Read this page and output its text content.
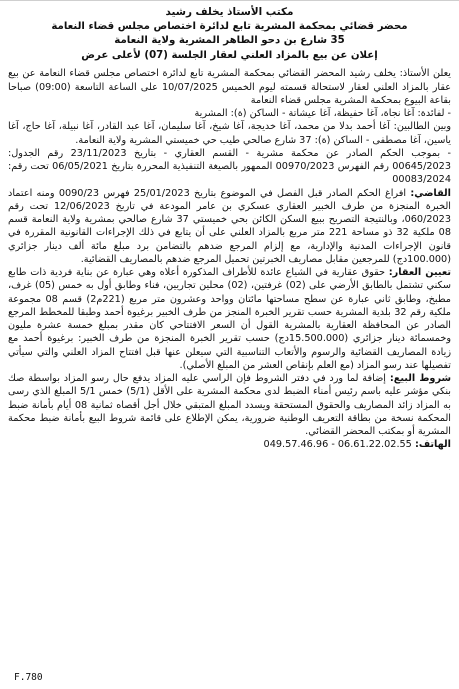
مكتب الأستاذ يخلف رشيد
محضر قضائي بمحكمة المشرية تابع لدائرة اختصاص مجلس قضاء النعامة
35 شارع بن دحو الطاهر المشرية ولاية النعامة
إعلان عن بيع بالمزاد العلني لعقار الجلسة (07) لأعلى عرض

يعلن الأستاذ: يخلف رشيد المحضر القضائي بمحكمة المشرية تابع لدائرة اختصاص مجلس قضاء النعامة عن بيع عقار بالمزاد العلني لعقار لاستحالة قسمته ليوم الخميس 10/07/2025 على الساعة التاسعة (09:00) صباحا بقاعة البيوع بمحكمة المشرية مجلس قضاء النعامة

- لفائدة: آغا نجاة، آغا حفيظة، آغا عيشاتة - الساكن (ة): المشرية

وبين الطالبين: آغا أحمد بدلا من محمد، آغا خديجة، آغا شيخ، آغا سليمان، آغا عبد القادر، آغا نبيلة، آغا حاج، آغا ياسين، آغا مصطفى - الساكن (ة): 37 شارع صالحي طيب حي خميستي المشرية ولاية النعامة.

- بموجب الحكم الصادر عن محكمة مشرية - القسم العقاري - بتاريخ 23/11/2023 رقم الجدول: 00645/2023 رقم الفهرس 00970/2023 الممهور بالصيغة التنفيذية المحررة بتاريخ 06/05/2021 تحت رقم: 00083/2024

القاضي: افراغ الحكم الصادر قبل الفصل في الموضوع بتاريخ 25/01/2023 فهرس 0090/23 ومنه اعتماد الخبرة المنجزة من طرف الخبير العقاري عسكري بن عامر المودعة في تاريخ 12/06/2023 تحت رقم 060/2023، وبالنتيجة التصريح ببيع السكن الكائن بحي خميستي 37 شارع صالحي بمشرية ولاية النعامة قسم 08 ملكية 32 ذو مساحة 221 متر مربع بالمزاد العلني على أن يتابع في ذلك الإجراءات القانونية المقررة في قانون الإجراءات المدنية والإدارية، مع إلزام المرجع ضدهم بالتضامن برد مبلغ مائة ألف دينار جزائري (100.000دج) للمرجعين مقابل مصاريف الخبرتين تحميل المرجع ضدهم بالمصاريف القضائية.

تعيين العقار: حقوق عقارية في الشياع عائدة للأطراف المذكورة أعلاه وهي عبارة عن بناية فردية ذات طابع سكني تشتمل بالطابق الأرضي على (02) غرفتين، (02) محلين تجاريين، فناء وطابق أول به خمس (05) غرف، مطبخ، وطابق ثاني عبارة عن سطح مساحتها مائتان وواحد وعشرون متر مربع (221م2) قسم 08 مجموعة ملكية رقم 32 بلدية المشرية حسب تقرير الخبرة المنجز من طرف الخبير برغيوة أحمد وطبقا للمخطط المرجع الصادر عن المحافظة العقارية بالمشرية القول أن السعر الافتتاحي كان مقدر بمبلغ خمسة عشرة مليون وخمسمائة دينار جزائري (15.500.000دج) حسب تقرير الخبرة المنجزة من طرف الخبير: برغيوة أحمد مع زيادة المصاريف القضائية والرسوم والأتعاب التناسبية التي سيعلن عنها قبل افتتاح المزاد العلني والتي سيأتي تفصيلها عند رسو المزاد (مع العلم بإنقاص العشر من المبلغ الأصلي).

شروط البيع: إضافة لما ورد في دفتر الشروط فإن الراسي عليه المزاد يدفع حال رسو المزاد بواسطة صك بنكي مؤشر عليه باسم رئيس أمناء الضبط لدى محكمة المشرية على الأقل (5/1) خمس 5/1 المبلغ الذي رسى به المزاد زائد المصاريف والحقوق المستحقة ويسدد المبلغ المتبقي خلال أجل أقصاه ثمانية 08 أيام بأمانة ضبط المحكمة نسخة من بطاقة التعريف الوطنية ضرورية، يمكن الإطلاع على قائمة شروط البيع بأمانة ضبط محكمة المشرية أو بمكتب المحضر القضائي.

الهاتف: 049.57.46.96 - 06.61.22.02.55
F.780
